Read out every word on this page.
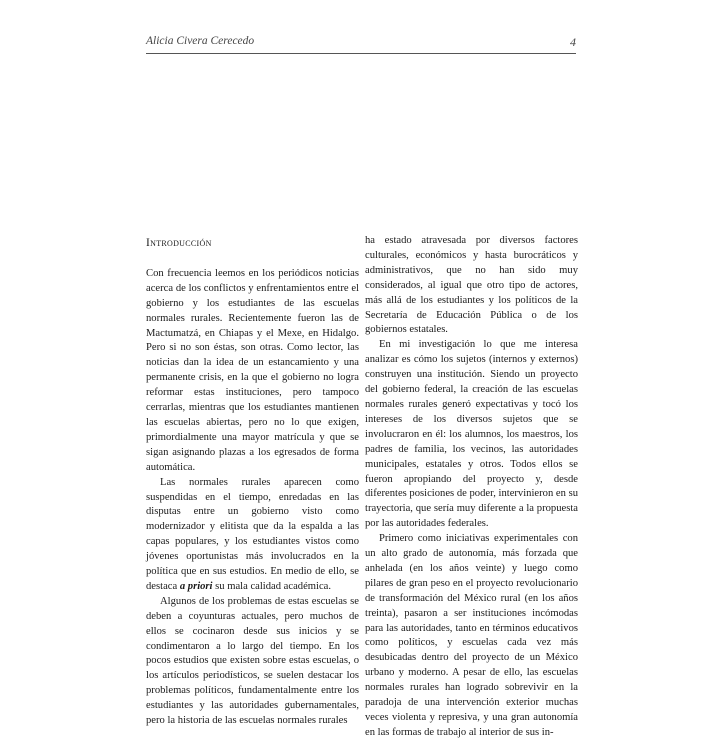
Alicia Civera Cerecedo	4
Introducción

Con frecuencia leemos en los periódicos noticias acerca de los conflictos y enfrentamientos entre el gobierno y los estudiantes de las escuelas normales rurales. Recientemente fueron las de Mactumatzá, en Chiapas y el Mexe, en Hidalgo. Pero si no son éstas, son otras. Como lector, las noticias dan la idea de un estancamiento y una permanente crisis, en la que el gobierno no logra reformar estas instituciones, pero tampoco cerrarlas, mientras que los estudiantes mantienen las escuelas abiertas, pero no lo que exigen, primordialmente una mayor matrícula y que se sigan asignando plazas a los egresados de forma automática.

Las normales rurales aparecen como suspendidas en el tiempo, enredadas en las disputas entre un gobierno visto como modernizador y elitista que da la espalda a las capas populares, y los estudiantes vistos como jóvenes oportunistas más involucrados en la política que en sus estudios. En medio de ello, se destaca a priori su mala calidad académica.

Algunos de los problemas de estas escuelas se deben a coyunturas actuales, pero muchos de ellos se cocinaron desde sus inicios y se condimentaron a lo largo del tiempo. En los pocos estudios que existen sobre estas escuelas, o los artículos periodísticos, se suelen destacar los problemas políticos, fundamentalmente entre los estudiantes y las autoridades gubernamentales, pero la historia de las escuelas normales rurales

ha estado atravesada por diversos factores culturales, económicos y hasta burocráticos y administrativos, que no han sido muy considerados, al igual que otro tipo de actores, más allá de los estudiantes y los políticos de la Secretaría de Educación Pública o de los gobiernos estatales.

En mi investigación lo que me interesa analizar es cómo los sujetos (internos y externos) construyen una institución. Siendo un proyecto del gobierno federal, la creación de las escuelas normales rurales generó expectativas y tocó los intereses de los diversos sujetos que se involucraron en él: los alumnos, los maestros, los padres de familia, los vecinos, las autoridades municipales, estatales y otros. Todos ellos se fueron apropiando del proyecto y, desde diferentes posiciones de poder, intervinieron en su trayectoria, que sería muy diferente a la propuesta por las autoridades federales.

Primero como iniciativas experimentales con un alto grado de autonomía, más forzada que anhelada (en los años veinte) y luego como pilares de gran peso en el proyecto revolucionario de transformación del México rural (en los años treinta), pasaron a ser instituciones incómodas para las autoridades, tanto en términos educativos como políticos, y escuelas cada vez más desubicadas dentro del proyecto de un México urbano y moderno. A pesar de ello, las escuelas normales rurales han logrado sobrevivir en la paradoja de una intervención exterior muchas veces violenta y represiva, y una gran autonomía en las formas de trabajo al interior de sus in-
